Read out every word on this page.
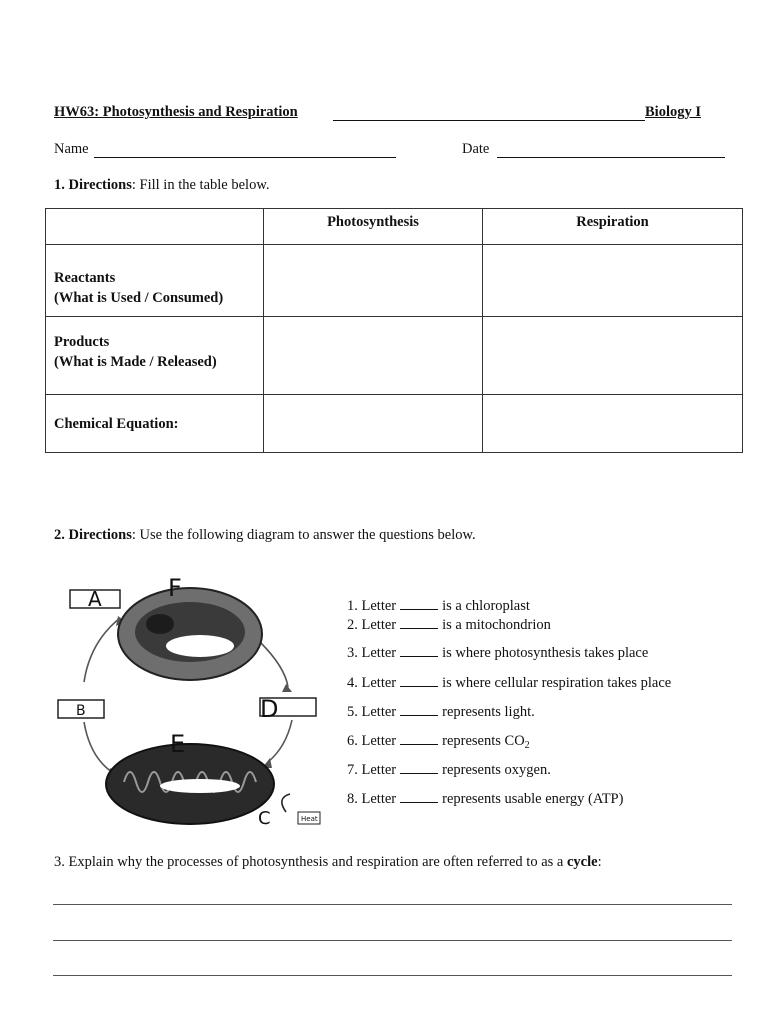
HW63: Photosynthesis and Respiration	Biology I
Name	Date
1. Directions: Fill in the table below.
	Photosynthesis	Respiration

Reactants
(What is Used / Consumed)		

Products
(What is Made / Released)		

Chemical Equation:		

2. Directions: Use the following diagram to answer the questions below.
A	F
B	D
E
C	Heat
1. Letter	is a chloroplast
2. Letter	is a mitochondrion
3. Letter	is where photosynthesis takes place
4. Letter	is where cellular respiration takes place
5. Letter	represents light.
6. Letter	represents $CO_2$
7. Letter	represents oxygen.
8. Letter	represents usable energy (ATP)
3. Explain why the processes of photosynthesis and respiration are often referred to as a cycle:
